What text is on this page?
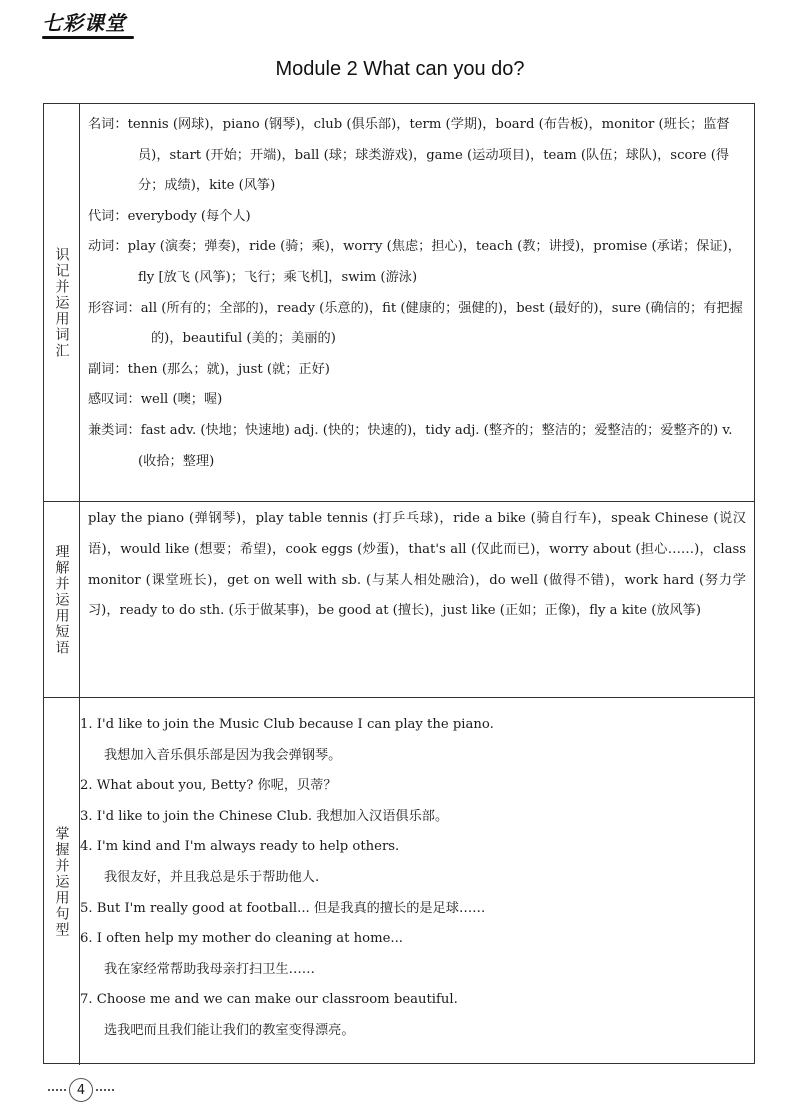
七彩课堂
Module 2 What can you do?
识记并运用词汇
名词：tennis (网球)，piano (钢琴)，club (俱乐部)，term (学期)，board (布告板)，monitor (班长；监督员)，start (开始；开端)，ball (球；球类游戏)，game (运动项目)，team (队伍；球队)，score (得分；成绩)，kite (风筝)
代词：everybody (每个人)
动词：play (演奏；弹奏)，ride (骑；乘)，worry (焦虑；担心)，teach (教；讲授)，promise (承诺；保证)，fly [放飞 (风筝)；飞行；乘飞机]，swim (游泳)
形容词：all (所有的；全部的)，ready (乐意的)，fit (健康的；强健的)，best (最好的)，sure (确信的；有把握的)，beautiful (美的；美丽的)
副词：then (那么；就)，just (就；正好)
感叹词：well (噢；喔)
兼类词：fast adv. (快地；快速地) adj. (快的；快速的)，tidy adj. (整齐的；整洁的；爱整洁的；爱整齐的) v. (收拾；整理)
理解并运用短语
play the piano (弹钢琴)，play table tennis (打乒乓球)，ride a bike (骑自行车)，speak Chinese (说汉语)，would like (想要；希望)，cook eggs (炒蛋)，that's all (仅此而已)，worry about (担心……)，class monitor (课堂班长)，get on well with sb. (与某人相处融洽)，do well (做得不错)，work hard (努力学习)，ready to do sth. (乐于做某事)，be good at (擅长)，just like (正如；正像)，fly a kite (放风筝)
掌握并运用句型
1. I'd like to join the Music Club because I can play the piano.
我想加入音乐俱乐部是因为我会弹钢琴。
2. What about you, Betty? 你呢，贝蒂？
3. I'd like to join the Chinese Club. 我想加入汉语俱乐部。
4. I'm kind and I'm always ready to help others.
我很友好，并且我总是乐于帮助他人.
5. But I'm really good at football... 但是我真的擅长的是足球……
6. I often help my mother do cleaning at home...
我在家经常帮助我母亲打扫卫生……
7. Choose me and we can make our classroom beautiful.
选我吧而且我们能让我们的教室变得漂亮。
4
